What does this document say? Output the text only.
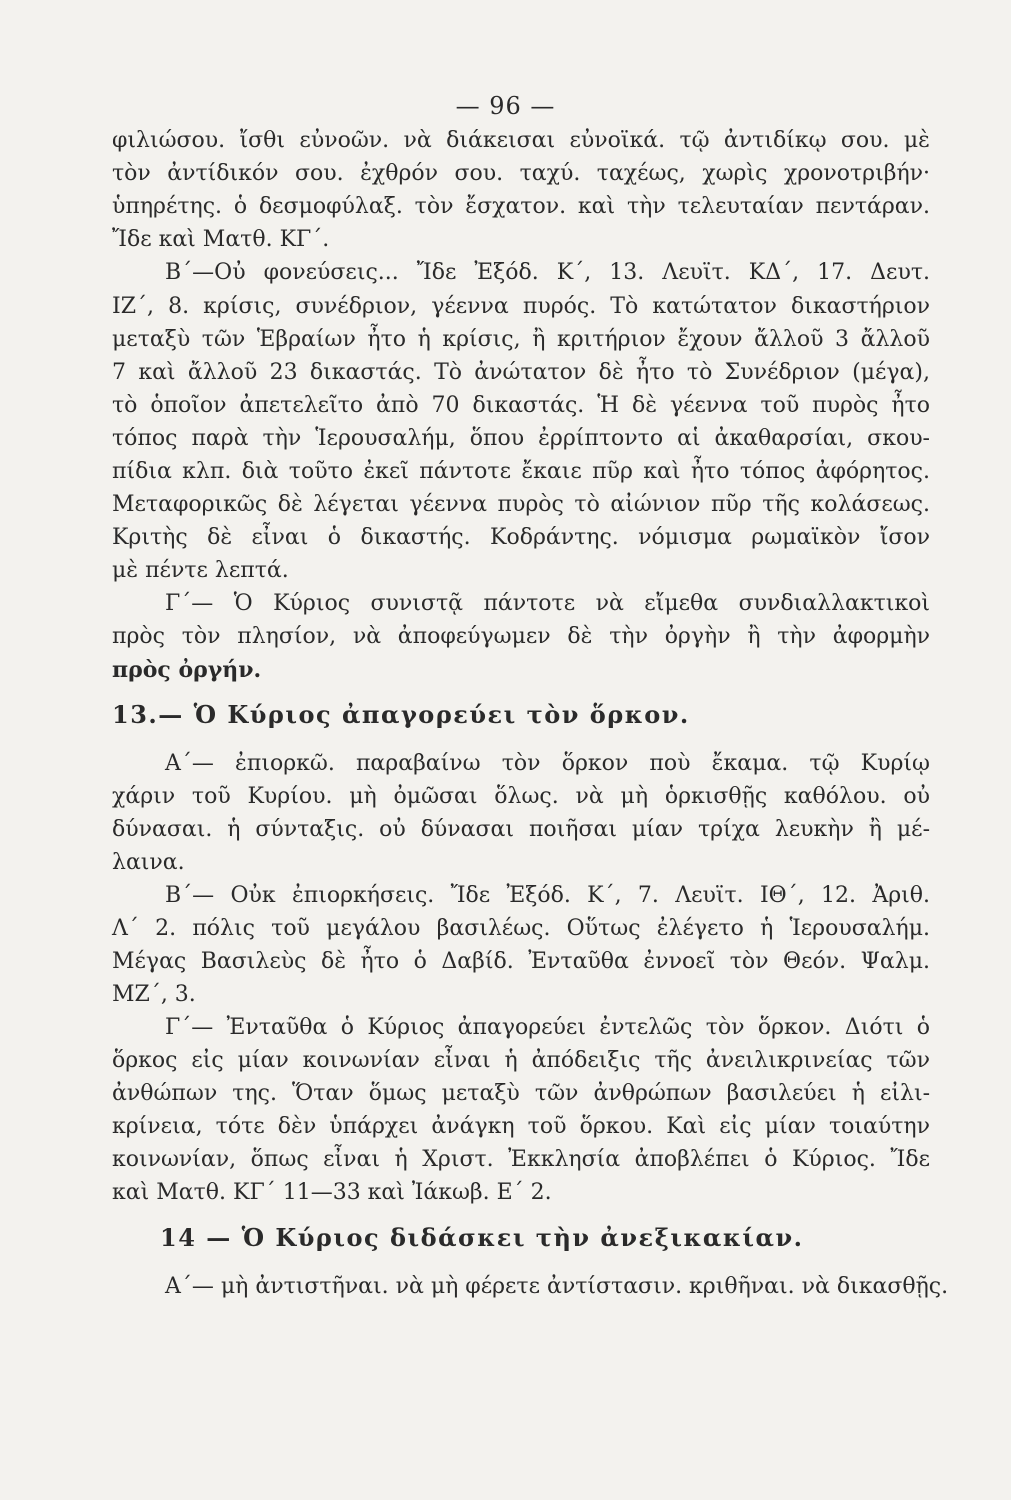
— 96 —
φιλιώσου. ἴσθι εὐνοῶν. νὰ διάκεισαι εὐνοϊκά. τῷ ἀντιδίκῳ σου. μὲ
τὸν ἀντίδικόν σου. ἐχθρόν σου. ταχύ. ταχέως, χωρὶς χρονοτριβήν·
ὑπηρέτης. ὁ δεσμοφύλαξ. τὸν ἔσχατον. καὶ τὴν τελευταίαν πεντάραν.
Ἴδε καὶ Ματθ. ΚΓ΄.
Β΄—Οὐ φονεύσεις... Ἴδε Ἐξόδ. Κ΄, 13. Λευϊτ. ΚΔ΄, 17. Δευτ.
ΙΖ΄, 8. κρίσις, συνέδριον, γέεννα πυρός. Τὸ κατώτατον δικαστήριον
μεταξὺ τῶν Ἑβραίων ἦτο ἡ κρίσις, ἢ κριτήριον ἔχουν ἄλλοῦ 3 ἄλλοῦ
7 καὶ ἄλλοῦ 23 δικαστάς. Τὸ ἀνώτατον δὲ ἦτο τὸ Συνέδριον (μέγα),
τὸ ὁποῖον ἀπετελεῖτο ἀπὸ 70 δικαστάς. Ἡ δὲ γέεννα τοῦ πυρὸς ἦτο
τόπος παρὰ τὴν Ἱερουσαλήμ, ὅπου ἐρρίπτοντο αἱ ἀκαθαρσίαι, σκου-
πίδια κλπ. διὰ τοῦτο ἐκεῖ πάντοτε ἔκαιε πῦρ καὶ ἦτο τόπος ἀφόρητος.
Μεταφορικῶς δὲ λέγεται γέεννα πυρὸς τὸ αἰώνιον πῦρ τῆς κολάσεως.
Κριτὴς δὲ εἶναι ὁ δικαστής. Κοδράντης. νόμισμα ρωμαϊκὸν ἴσον
μὲ πέντε λεπτά.
Γ΄— Ὁ Κύριος συνιστᾷ πάντοτε νὰ εἴμεθα συνδιαλλακτικοὶ
πρὸς τὸν πλησίον, νὰ ἀποφεύγωμεν δὲ τὴν ὀργὴν ἢ τὴν ἀφορμὴν
πρὸς ὀργήν.
13.— Ὁ Κύριος ἀπαγορεύει τὸν ὅρκον.
Α΄— ἐπιορκῶ. παραβαίνω τὸν ὅρκον ποὺ ἔκαμα. τῷ Κυρίῳ
χάριν τοῦ Κυρίου. μὴ ὀμῶσαι ὅλως. νὰ μὴ ὁρκισθῇς καθόλου. οὐ
δύνασαι. ἡ σύνταξις. οὐ δύνασαι ποιῆσαι μίαν τρίχα λευκὴν ἢ μέ-
λαινα.
Β΄— Οὐκ ἐπιορκήσεις. Ἴδε Ἐξόδ. Κ΄, 7. Λευϊτ. ΙΘ΄, 12. Ἀριθ.
Λ΄ 2. πόλις τοῦ μεγάλου βασιλέως. Οὕτως ἐλέγετο ἡ Ἱερουσαλήμ.
Μέγας Βασιλεὺς δὲ ἦτο ὁ Δαβίδ. Ἐνταῦθα ἐννοεῖ τὸν Θεόν. Ψαλμ.
ΜΖ΄, 3.
Γ΄— Ἐνταῦθα ὁ Κύριος ἀπαγορεύει ἐντελῶς τὸν ὅρκον. Διότι ὁ
ὅρκος εἰς μίαν κοινωνίαν εἶναι ἡ ἀπόδειξις τῆς ἀνειλικρινείας τῶν
ἀνθώπων της. Ὅταν ὅμως μεταξὺ τῶν ἀνθρώπων βασιλεύει ἡ εἰλι-
κρίνεια, τότε δὲν ὑπάρχει ἀνάγκη τοῦ ὅρκου. Καὶ εἰς μίαν τοιαύτην
κοινωνίαν, ὅπως εἶναι ἡ Χριστ. Ἐκκλησία ἀποβλέπει ὁ Κύριος. Ἴδε
καὶ Ματθ. ΚΓ΄ 11—33 καὶ Ἰάκωβ. Ε΄ 2.
14 — Ὁ Κύριος διδάσκει τὴν ἀνεξικακίαν.
Α΄— μὴ ἀντιστῆναι. νὰ μὴ φέρετε ἀντίστασιν. κριθῆναι. νὰ δικασθῇς.
